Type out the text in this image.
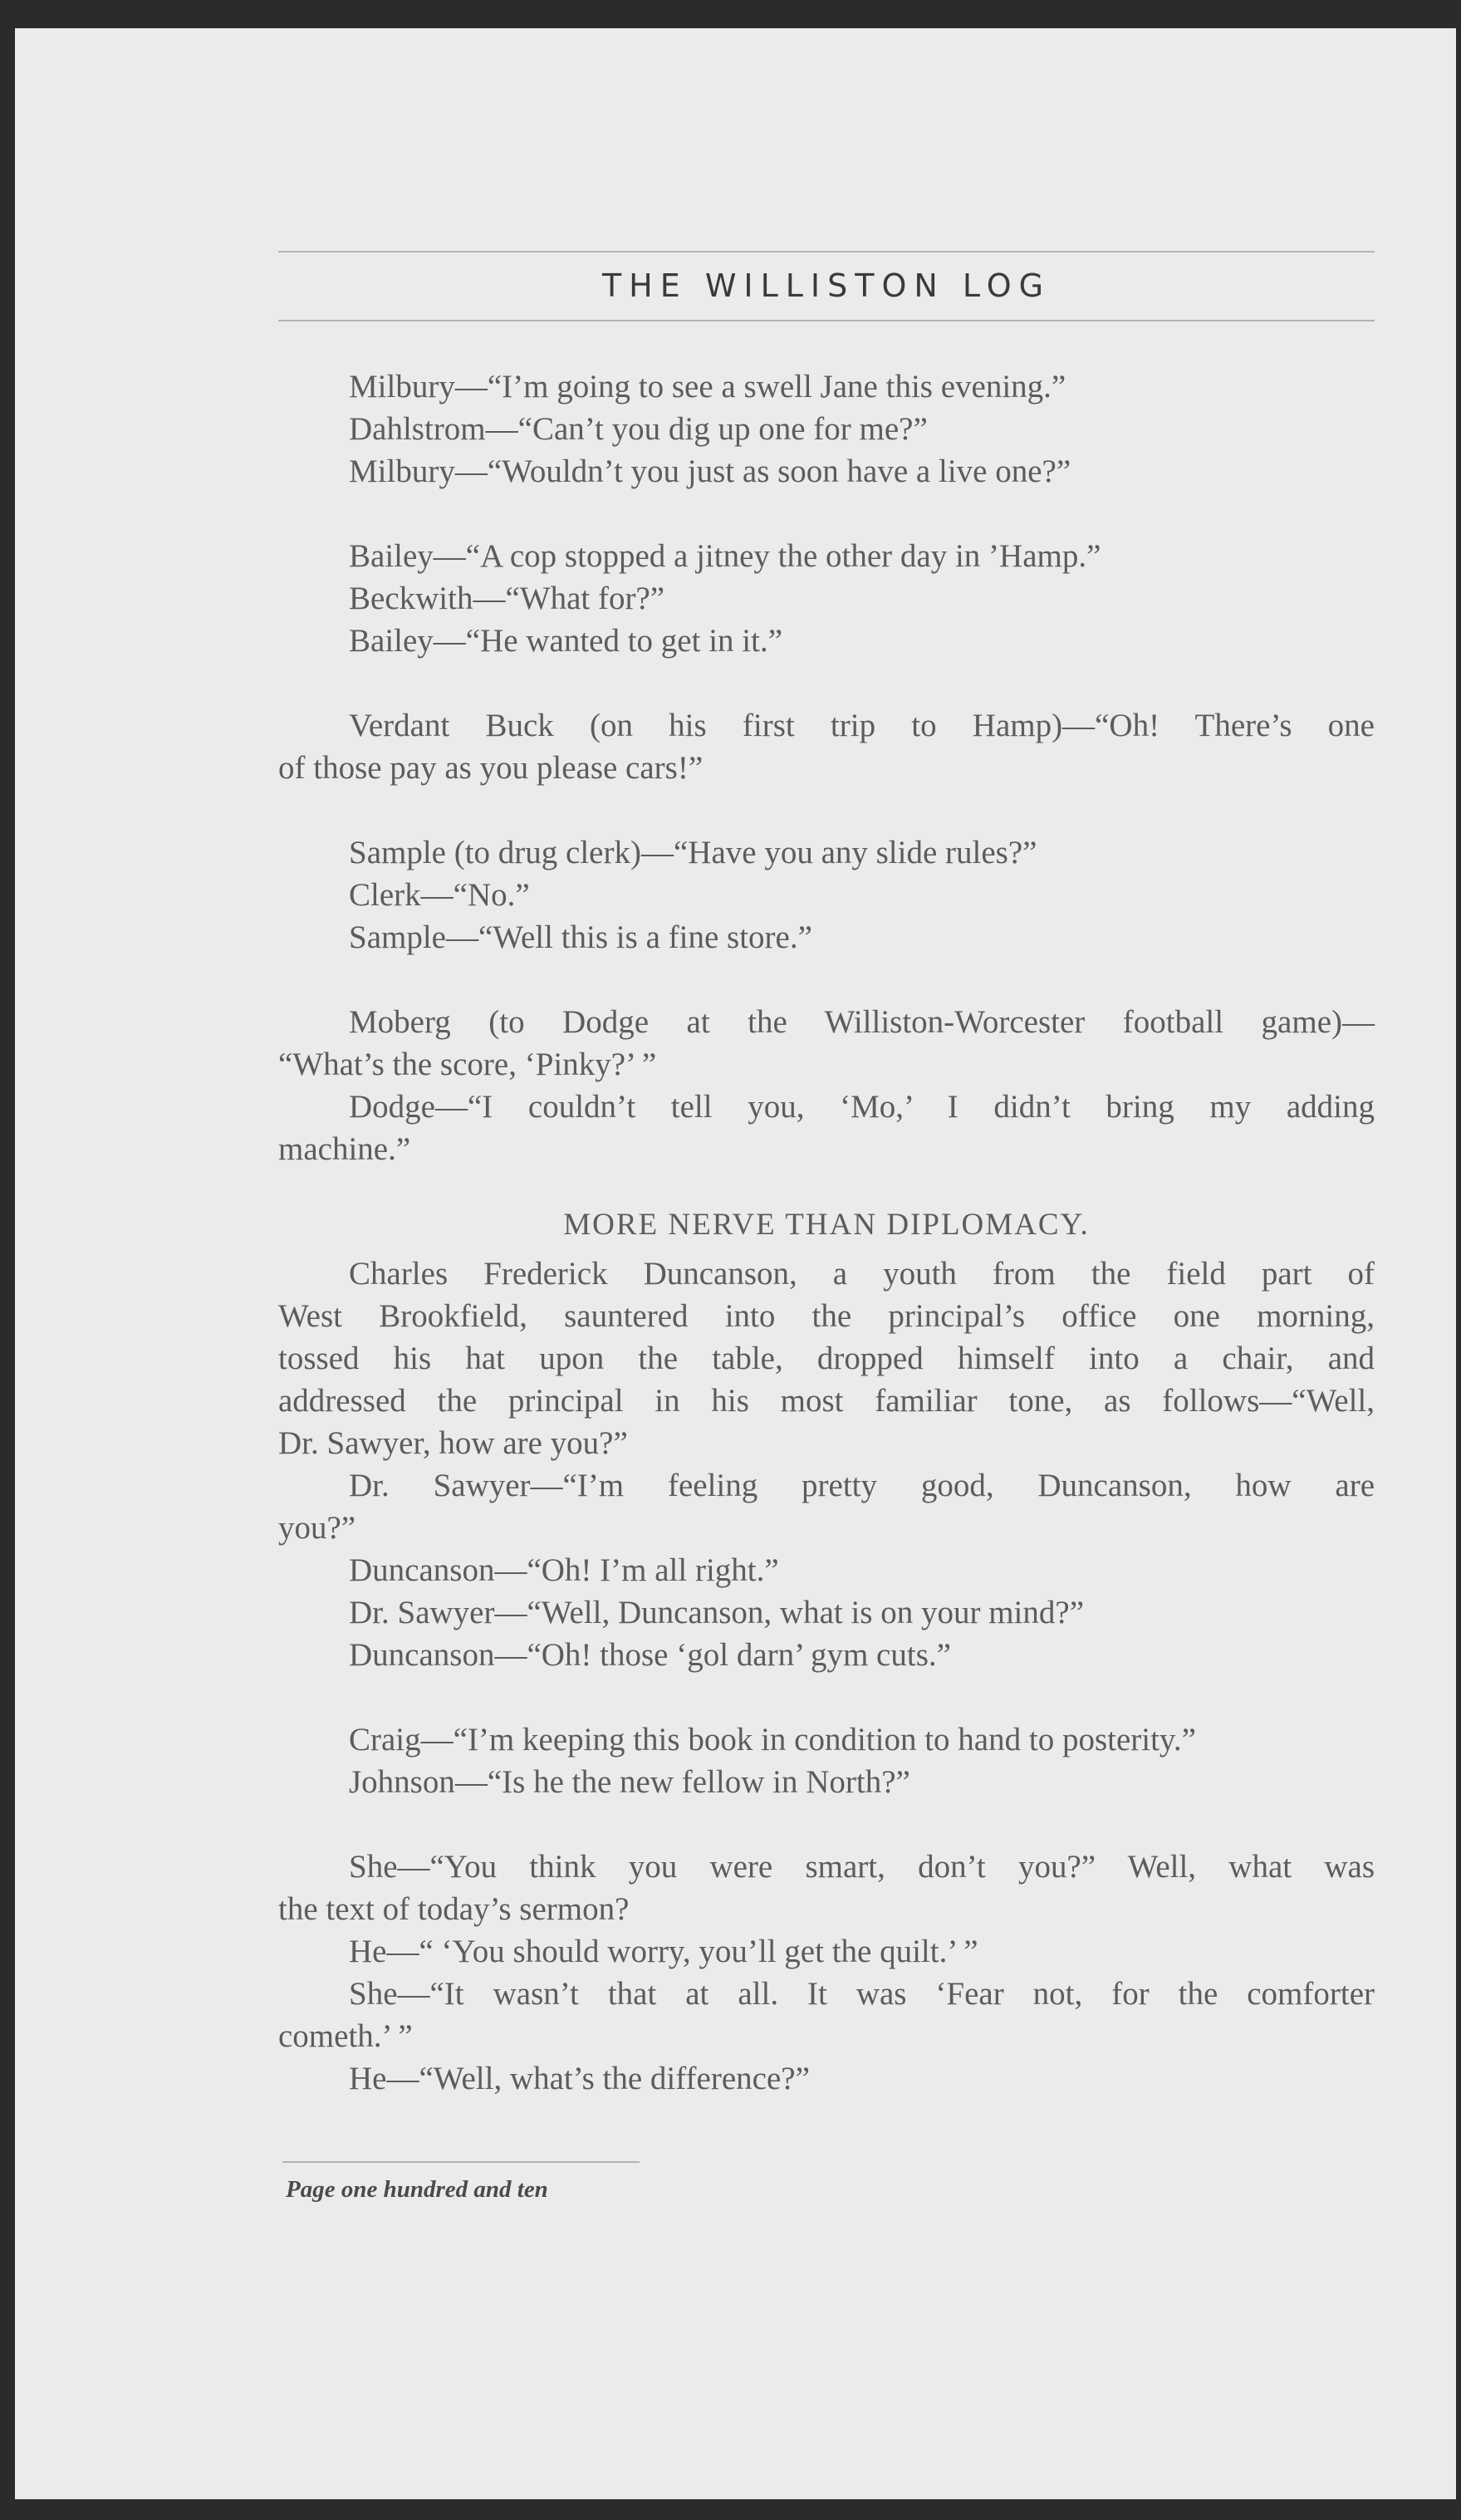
THE WILLISTON LOG
Milbury—“I’m going to see a swell Jane this evening.”
Dahlstrom—“Can’t you dig up one for me?”
Milbury—“Wouldn’t you just as soon have a live one?”
Bailey—“A cop stopped a jitney the other day in ’Hamp.”
Beckwith—“What for?”
Bailey—“He wanted to get in it.”
Verdant Buck (on his first trip to Hamp)—“Oh! There’s one
of those pay as you please cars!”
Sample (to drug clerk)—“Have you any slide rules?”
Clerk—“No.”
Sample—“Well this is a fine store.”
Moberg (to Dodge at the Williston-Worcester football game)—
“What’s the score, ‘Pinky?’ ”
Dodge—“I couldn’t tell you, ‘Mo,’ I didn’t bring my adding
machine.”
MORE NERVE THAN DIPLOMACY.
Charles Frederick Duncanson, a youth from the field part of
West Brookfield, sauntered into the principal’s office one morning,
tossed his hat upon the table, dropped himself into a chair, and
addressed the principal in his most familiar tone, as follows—“Well,
Dr. Sawyer, how are you?”
Dr. Sawyer—“I’m feeling pretty good, Duncanson, how are
you?”
Duncanson—“Oh! I’m all right.”
Dr. Sawyer—“Well, Duncanson, what is on your mind?”
Duncanson—“Oh! those ‘gol darn’ gym cuts.”
Craig—“I’m keeping this book in condition to hand to posterity.”
Johnson—“Is he the new fellow in North?”
She—“You think you were smart, don’t you?” Well, what was
the text of today’s sermon?
He—“ ‘You should worry, you’ll get the quilt.’ ”
She—“It wasn’t that at all. It was ‘Fear not, for the comforter
cometh.’ ”
He—“Well, what’s the difference?”
Page one hundred and ten
